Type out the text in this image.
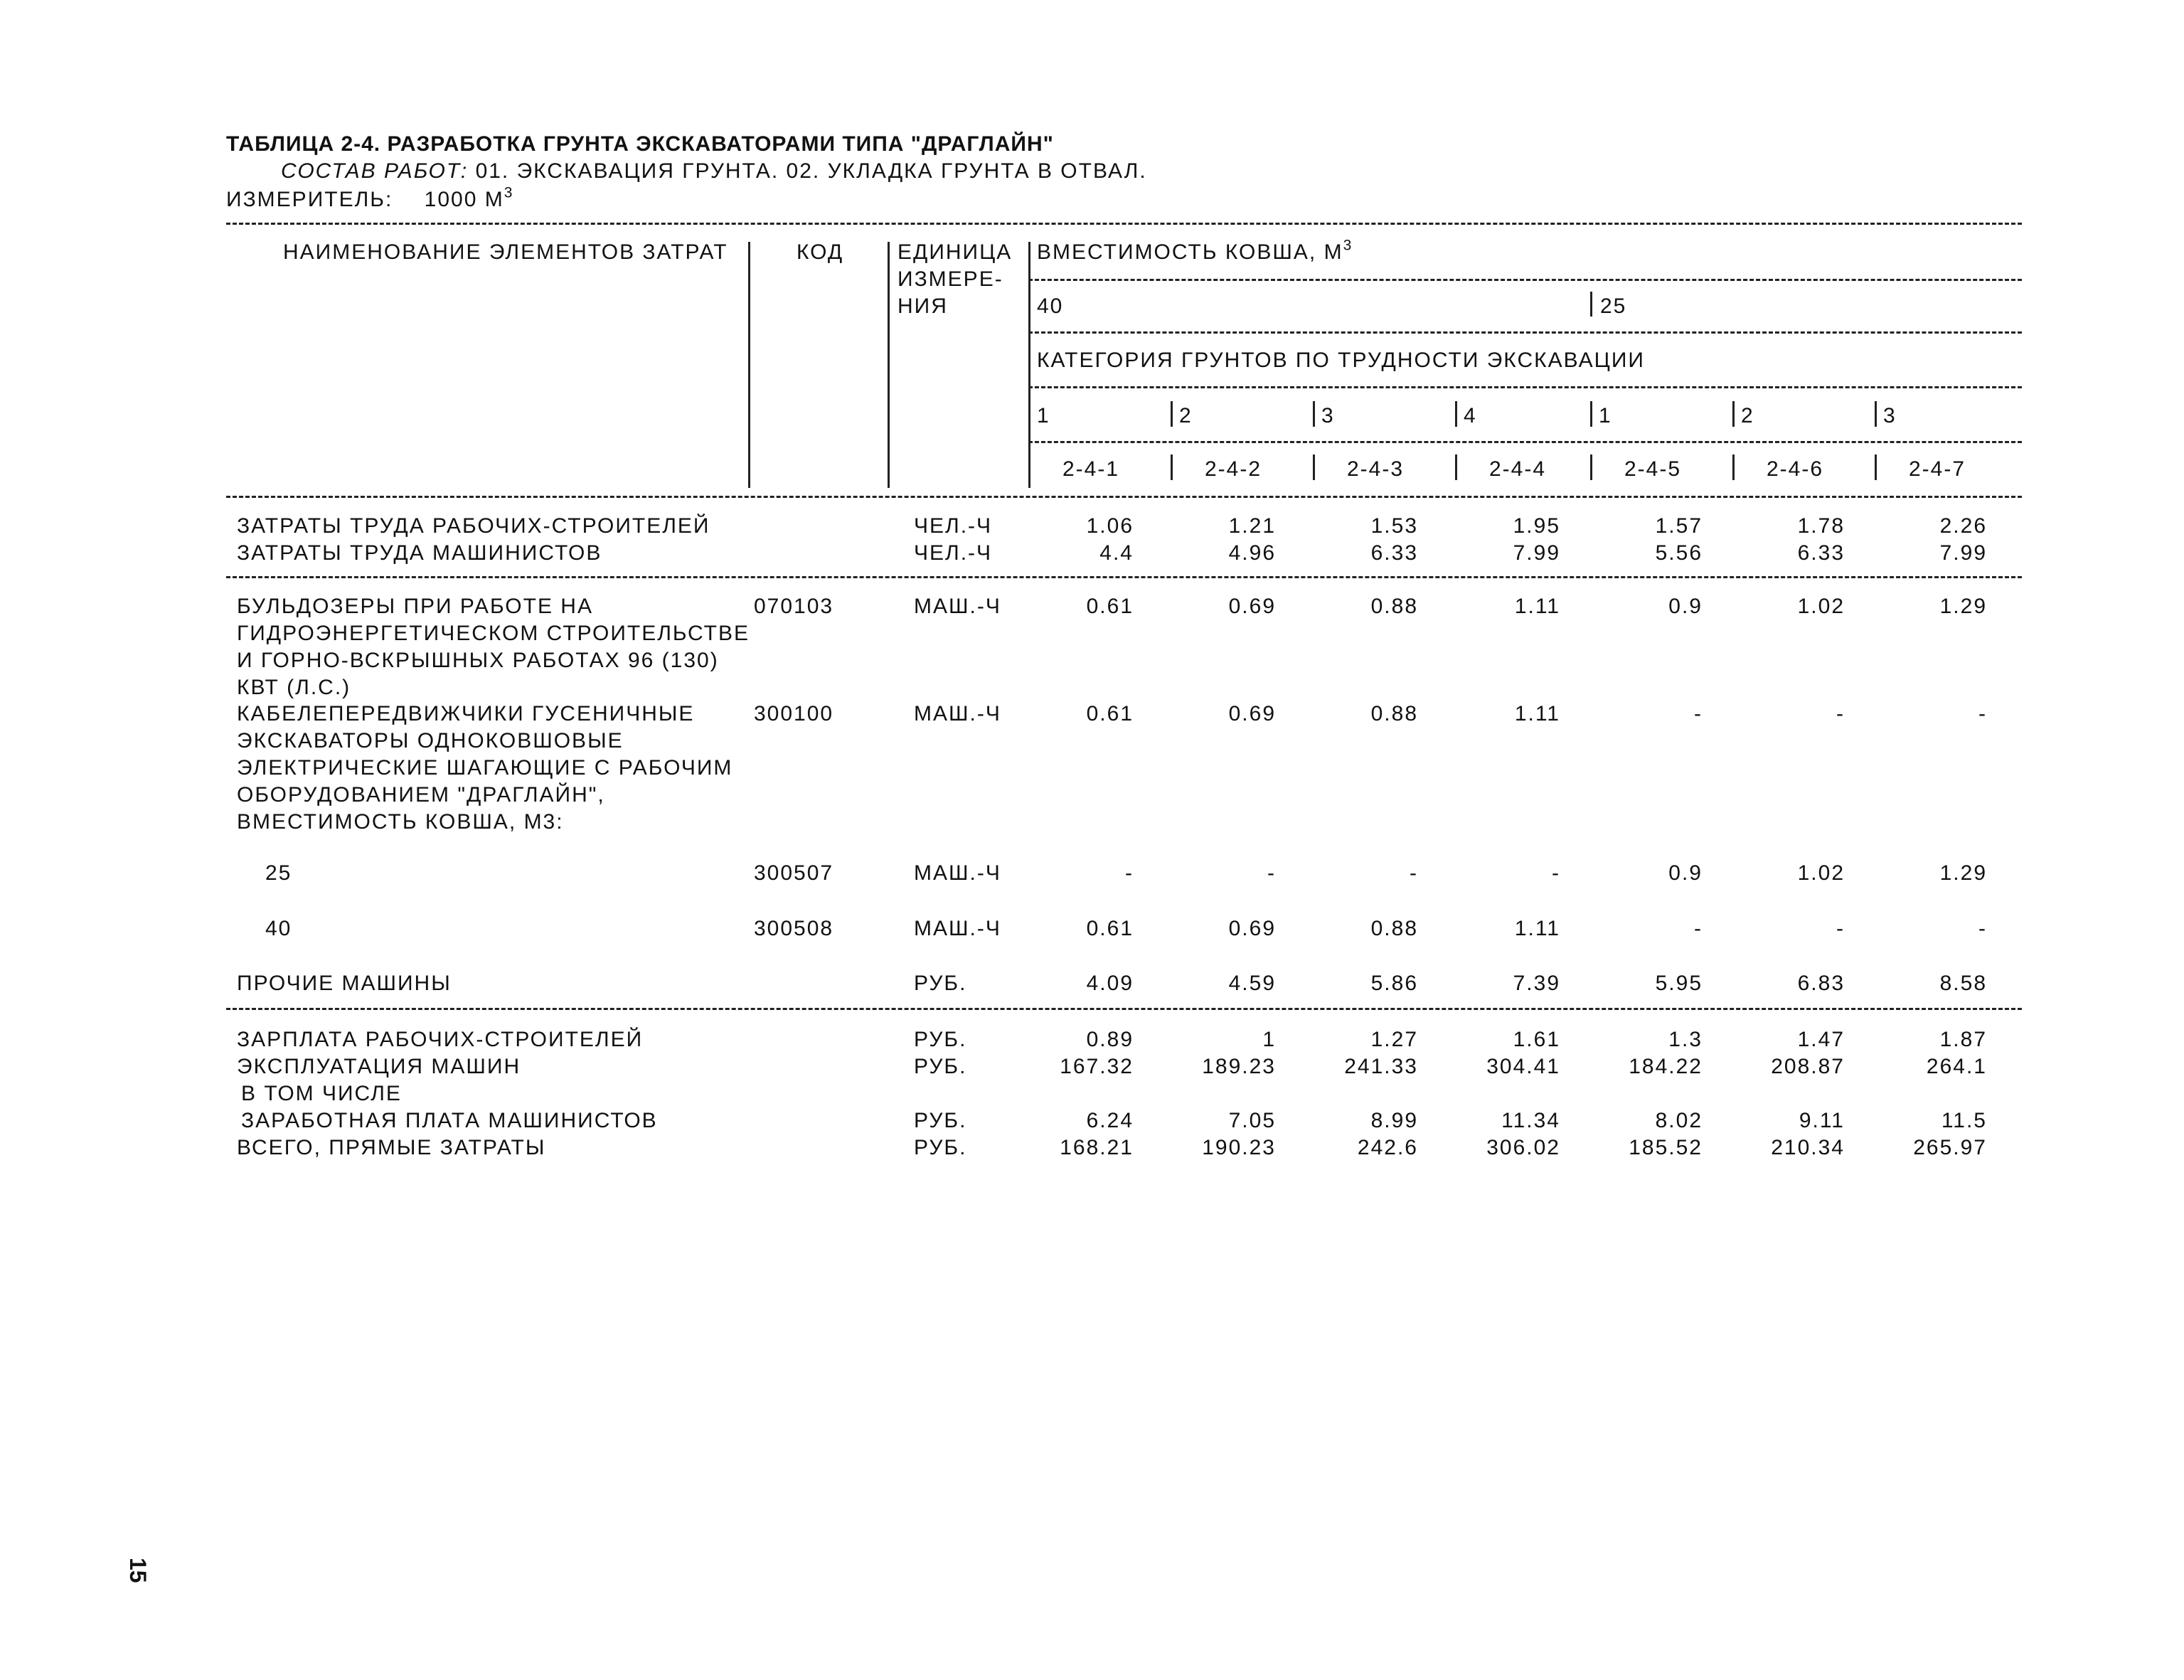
ТАБЛИЦА 2-4. РАЗРАБОТКА ГРУНТА ЭКСКАВАТОРАМИ ТИПА "ДРАГЛАЙН"
СОСТАВ РАБОТ: 01. ЭКСКАВАЦИЯ ГРУНТА. 02. УКЛАДКА ГРУНТА В ОТВАЛ.
ИЗМЕРИТЕЛЬ: 1000 $М^3$
НАИМЕНОВАНИЕ ЭЛЕМЕНТОВ ЗАТРАТ	КОД	ЕДИНИЦА
ИЗМЕРЕ-
НИЯ
ВМЕСТИМОСТЬ КОВША, $М^3$
40	25
КАТЕГОРИЯ ГРУНТОВ ПО ТРУДНОСТИ ЭКСКАВАЦИИ
1	2	3	4	1	2	3
2-4-1	2-4-2	2-4-3	2-4-4	2-4-5	2-4-6	2-4-7
ЗАТРАТЫ ТРУДА РАБОЧИХ-СТРОИТЕЛЕЙ	ЧЕЛ.-Ч	1.06	1.21	1.53	1.95	1.57	1.78	2.26
ЗАТРАТЫ ТРУДА МАШИНИСТОВ	ЧЕЛ.-Ч	4.4	4.96	6.33	7.99	5.56	6.33	7.99
БУЛЬДОЗЕРЫ ПРИ РАБОТЕ НА
ГИДРОЭНЕРГЕТИЧЕСКОМ СТРОИТЕЛЬСТВЕ
И ГОРНО-ВСКРЫШНЫХ РАБОТАХ 96 (130)
КВТ (Л.С.)
070103	МАШ.-Ч	0.61	0.69	0.88	1.11	0.9	1.02	1.29
КАБЕЛЕПЕРЕДВИЖЧИКИ ГУСЕНИЧНЫЕ
ЭКСКАВАТОРЫ ОДНОКОВШОВЫЕ
ЭЛЕКТРИЧЕСКИЕ ШАГАЮЩИЕ С РАБОЧИМ
ОБОРУДОВАНИЕМ "ДРАГЛАЙН",
ВМЕСТИМОСТЬ КОВША, М3:
300100	МАШ.-Ч	0.61	0.69	0.88	1.11	-	-	-
25	300507	МАШ.-Ч	-	-	-	-	0.9	1.02	1.29
40	300508	МАШ.-Ч	0.61	0.69	0.88	1.11	-	-	-
ПРОЧИЕ МАШИНЫ	РУБ.	4.09	4.59	5.86	7.39	5.95	6.83	8.58
ЗАРПЛАТА РАБОЧИХ-СТРОИТЕЛЕЙ	РУБ.	0.89	1	1.27	1.61	1.3	1.47	1.87
ЭКСПЛУАТАЦИЯ МАШИН	РУБ.	167.32	189.23	241.33	304.41	184.22	208.87	264.1
В ТОМ ЧИСЛЕ
ЗАРАБОТНАЯ ПЛАТА МАШИНИСТОВ	РУБ.	6.24	7.05	8.99	11.34	8.02	9.11	11.5
ВСЕГО, ПРЯМЫЕ ЗАТРАТЫ	РУБ.	168.21	190.23	242.6	306.02	185.52	210.34	265.97
15
